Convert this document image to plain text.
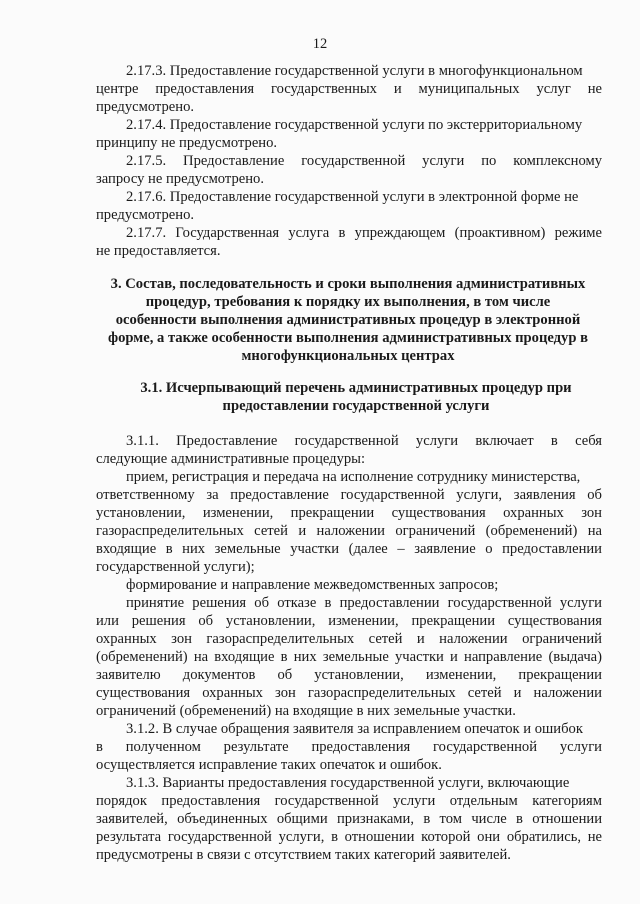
12
2.17.3. Предоставление государственной услуги в многофункциональном
центре предоставления государственных и муниципальных услуг не
предусмотрено.
2.17.4. Предоставление государственной услуги по экстерриториальному
принципу не предусмотрено.
2.17.5. Предоставление государственной услуги по комплексному
запросу не предусмотрено.
2.17.6. Предоставление государственной услуги в электронной форме не
предусмотрено.
2.17.7. Государственная услуга в упреждающем (проактивном) режиме
не предоставляется.
3. Состав, последовательность и сроки выполнения административных
процедур, требования к порядку их выполнения, в том числе
особенности выполнения административных процедур в электронной
форме, а также особенности выполнения административных процедур в
многофункциональных центрах
3.1. Исчерпывающий перечень административных процедур при
предоставлении государственной услуги
3.1.1. Предоставление государственной услуги включает в себя
следующие административные процедуры:
прием, регистрация и передача на исполнение сотруднику министерства,
ответственному за предоставление государственной услуги, заявления об
установлении, изменении, прекращении существования охранных зон
газораспределительных сетей и наложении ограничений (обременений) на
входящие в них земельные участки (далее – заявление о предоставлении
государственной услуги);
формирование и направление межведомственных запросов;
принятие решения об отказе в предоставлении государственной услуги
или решения об установлении, изменении, прекращении существования
охранных зон газораспределительных сетей и наложении ограничений
(обременений) на входящие в них земельные участки и направление (выдача)
заявителю документов об установлении, изменении, прекращении
существования охранных зон газораспределительных сетей и наложении
ограничений (обременений) на входящие в них земельные участки.
3.1.2. В случае обращения заявителя за исправлением опечаток и ошибок
в полученном результате предоставления государственной услуги
осуществляется исправление таких опечаток и ошибок.
3.1.3. Варианты предоставления государственной услуги, включающие
порядок предоставления государственной услуги отдельным категориям
заявителей, объединенных общими признаками, в том числе в отношении
результата государственной услуги, в отношении которой они обратились, не
предусмотрены в связи с отсутствием таких категорий заявителей.
